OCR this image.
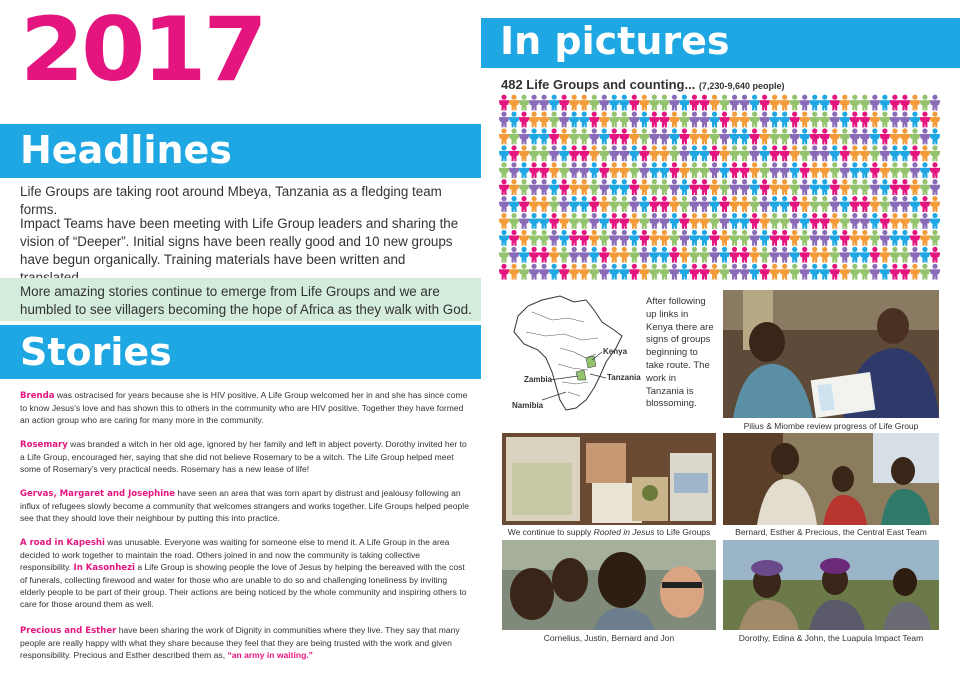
2017
Headlines
Life Groups are taking root around Mbeya, Tanzania as a fledging team forms.
Impact Teams have been meeting with Life Group leaders and sharing the vision of “Deeper”. Initial signs have been really good and 10 new groups have begun organically. Training materials have been written and
More amazing stories continue to emerge from Life Groups and we are humbled to see villagers becoming the hope of Africa as they walk with God.
Stories
Brenda was ostracised for years because she is HIV positive. A Life Group welcomed her in and she has since come to know Jesus’s love and has shown this to others in the community who are HIV positive. Together they have formed an action group who are caring for many more in the community.
Rosemary was branded a witch in her old age, ignored by her family and left in abject poverty. Dorothy invited her to a Life Group, encouraged her, saying that she did not believe Rosemary to be a witch. The Life Group helped meet some of Rosemary’s very practical needs. Rosemary has a new lease of life!
Gervas, Margaret and Josephine have seen an area that was torn apart by distrust and jealousy following an influx of refugees slowly become a community that welcomes strangers and works together. Life Groups helped people see that they should love their neighbour by putting this into practice.
A road in Kapeshi was unusable. Everyone was waiting for someone else to mend it. A Life Group in the area decided to work together to maintain the road. Others joined in and now the community is taking collective responsibility. In Kasonhezi a Life Group is showing people the love of Jesus by helping the bereaved with the cost of funerals, collecting firewood and water for those who are unable to do so and challenging loneliness by inviting elderly people to be part of their group. Their actions are being noticed by the whole community and inspiring others to care for those around them as well.
Precious and Esther have been sharing the work of Dignity in communities where they live. They say that many people are really happy with what they share because they feel that they are being trusted with the work and given responsibility. Precious and Esther described them as, “an army in waiting.”
In pictures
482 Life Groups and counting... (7,230-9,640 people)
Kenya
Zambia	Tanzania
Namibia
After following up links in Kenya there are signs of groups beginning to take route. The work in Tanzania is blossoming.
Pilius & Miombe review progress of Life Group
We continue to supply Rooted in Jesus to Life Groups	Bernard, Esther & Precious, the Central East Team
Cornelius, Justin, Bernard and Jon	Dorothy, Edina & John, the Luapula Impact Team
